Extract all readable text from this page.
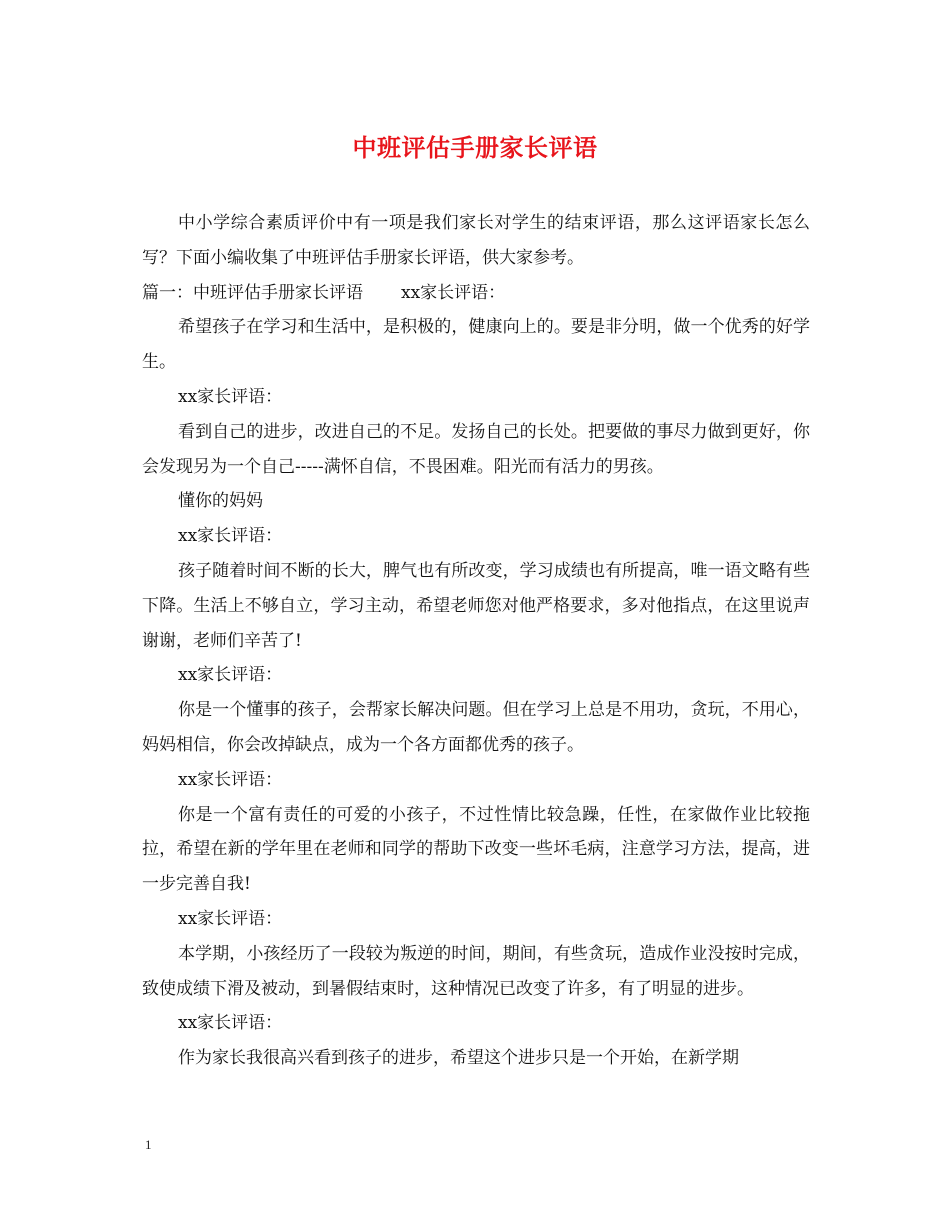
中班评估手册家长评语

中小学综合素质评价中有一项是我们家长对学生的结束评语，那么这评语家长怎么写？下面小编收集了中班评估手册家长评语，供大家参考。

篇一：中班评估手册家长评语 xx家长评语：

希望孩子在学习和生活中，是积极的，健康向上的。要是非分明，做一个优秀的好学生。

xx家长评语：

看到自己的进步，改进自己的不足。发扬自己的长处。把要做的事尽力做到更好，你会发现另为一个自己-----满怀自信，不畏困难。阳光而有活力的男孩。

懂你的妈妈

xx家长评语：

孩子随着时间不断的长大，脾气也有所改变，学习成绩也有所提高，唯一语文略有些下降。生活上不够自立，学习主动，希望老师您对他严格要求，多对他指点，在这里说声谢谢，老师们辛苦了!

xx家长评语：

你是一个懂事的孩子，会帮家长解决问题。但在学习上总是不用功，贪玩，不用心，妈妈相信，你会改掉缺点，成为一个各方面都优秀的孩子。

xx家长评语：

你是一个富有责任的可爱的小孩子，不过性情比较急躁，任性，在家做作业比较拖拉，希望在新的学年里在老师和同学的帮助下改变一些坏毛病，注意学习方法，提高，进一步完善自我!

xx家长评语：

本学期，小孩经历了一段较为叛逆的时间，期间，有些贪玩，造成作业没按时完成，致使成绩下滑及被动，到暑假结束时，这种情况已改变了许多，有了明显的进步。

xx家长评语：

作为家长我很高兴看到孩子的进步，希望这个进步只是一个开始，在新学期

1
